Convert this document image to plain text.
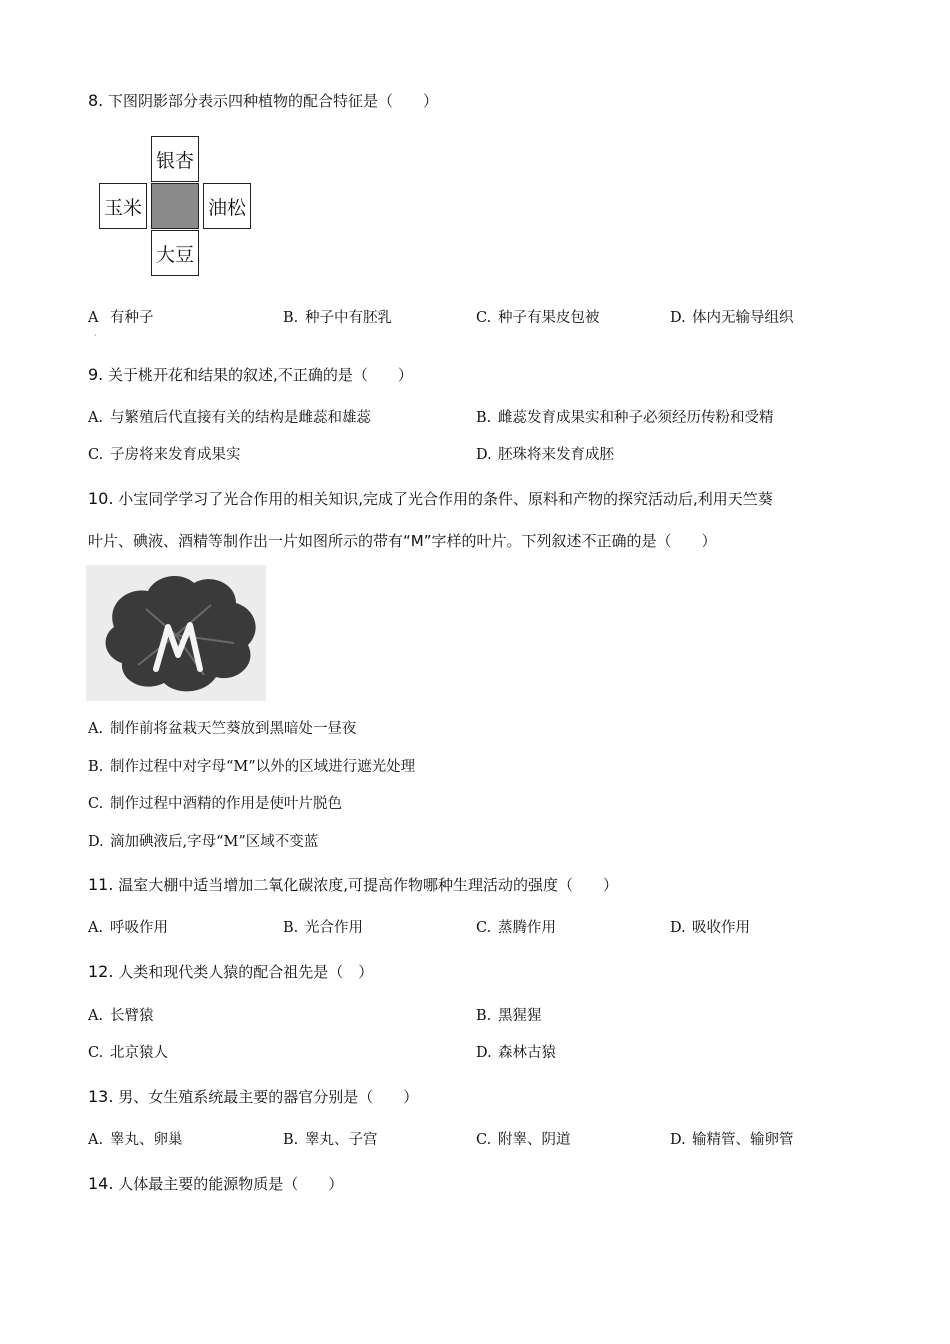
8. 下图阴影部分表示四种植物的配合特征是（　　）
银杏
玉米	油松
大豆
A 有种子	B. 种子中有胚乳	C. 种子有果皮包被	D. 体内无输导组织
·
9. 关于桃开花和结果的叙述,不正确的是（　　）
A. 与繁殖后代直接有关的结构是雌蕊和雄蕊	B. 雌蕊发育成果实和种子必须经历传粉和受精
C. 子房将来发育成果实	D. 胚珠将来发育成胚
10. 小宝同学学习了光合作用的相关知识,完成了光合作用的条件、原料和产物的探究活动后,利用天竺葵
叶片、碘液、酒精等制作出一片如图所示的带有“M”字样的叶片。下列叙述不正确的是（　　）
A. 制作前将盆栽天竺葵放到黑暗处一昼夜
B. 制作过程中对字母“M”以外的区域进行遮光处理
C. 制作过程中酒精的作用是使叶片脱色
D. 滴加碘液后,字母“M”区域不变蓝
11. 温室大棚中适当增加二氧化碳浓度,可提高作物哪种生理活动的强度（　　）
A. 呼吸作用	B. 光合作用	C. 蒸腾作用	D. 吸收作用
12. 人类和现代类人猿的配合祖先是（　）
A. 长臂猿	B. 黑猩猩
C. 北京猿人	D. 森林古猿
13. 男、女生殖系统最主要的器官分别是（　　）
A. 睾丸、卵巢	B. 睾丸、子宫	C. 附睾、阴道	D. 输精管、输卵管
14. 人体最主要的能源物质是（　　）
